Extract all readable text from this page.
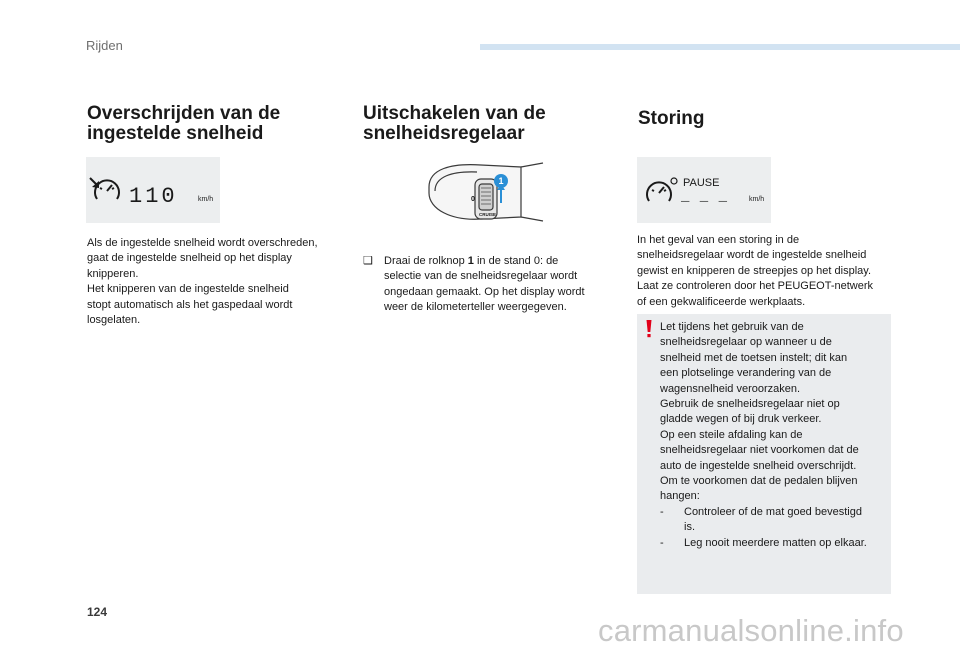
Rijden
Overschrijden van de
ingestelde snelheid
110	km/h
Als de ingestelde snelheid wordt overschreden,
gaat de ingestelde snelheid op het display
knipperen.
Het knipperen van de ingestelde snelheid
stopt automatisch als het gaspedaal wordt
losgelaten.
Uitschakelen van de
snelheidsregelaar
0
CRUISE
1
❑ Draai de rolknop 1 in de stand 0: de
selectie van de snelheidsregelaar wordt
ongedaan gemaakt. Op het display wordt
weer de kilometerteller weergegeven.
Storing
PAUSE
_ _ _	km/h
In het geval van een storing in de
snelheidsregelaar wordt de ingestelde snelheid
gewist en knipperen de streepjes op het display.
Laat ze controleren door het PEUGEOT-netwerk
of een gekwalificeerde werkplaats.
Let tijdens het gebruik van de
snelheidsregelaar op wanneer u de
snelheid met de toetsen instelt; dit kan
een plotselinge verandering van de
wagensnelheid veroorzaken.
Gebruik de snelheidsregelaar niet op
gladde wegen of bij druk verkeer.
Op een steile afdaling kan de
snelheidsregelaar niet voorkomen dat de
auto de ingestelde snelheid overschrijdt.
Om te voorkomen dat de pedalen blijven
hangen:
- Controleer of de mat goed bevestigd
is.
- Leg nooit meerdere matten op elkaar.
124
carmanualsonline.info
